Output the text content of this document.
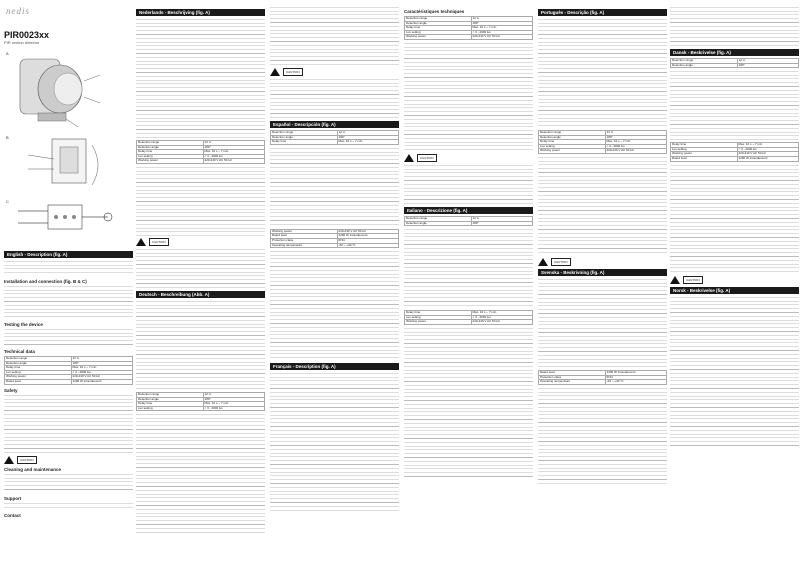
nedis
PIR0023xx
PIR motion detector
A
B
C
English - Description (fig. A)
Installation and connection (fig. B & C)
Testing the device
Technical data
Detection range	12 m
Detection angle	180°
Delay time	Max. 10 s ~ 7 min
Lux setting	< 3 - 2000 lux
Working power	220-240 V AC 50 Hz
Rated load	1200 W incandescent
Safety
CAUTION
Cleaning and maintenance
Support
Contact
Nederlands - Beschrijving (fig. A)
Detection range	12 m
Detection angle	180°
Delay time	Max. 10 s ~ 7 min
Lux setting	< 3 - 2000 lux
Working power	220-240 V AC 50 Hz
CAUTION
Deutsch - Beschreibung (Abb. A)
Detection range	12 m
Detection angle	180°
Delay time	Max. 10 s ~ 7 min
Lux setting	< 3 - 2000 lux
CAUTION
Español - Descripción (fig. A)
Detection range	12 m
Detection angle	180°
Delay time	Max. 10 s ~ 7 min
Working power	220-240 V AC 50 Hz
Rated load	1200 W incandescent
Protection class	IP44
Operating temperature	-20 ~ +40 °C
Français - Description (fig. A)
Caractéristiques techniques
Detection range	12 m
Detection angle	180°
Delay time	Max. 10 s ~ 7 min
Lux setting	< 3 - 2000 lux
Working power	220-240 V AC 50 Hz
CAUTION
Italiano - Descrizione (fig. A)
Detection range	12 m
Detection angle	180°
Delay time	Max. 10 s ~ 7 min
Lux setting	< 3 - 2000 lux
Working power	220-240 V AC 50 Hz
Português - Descrição (fig. A)
Detection range	12 m
Detection angle	180°
Delay time	Max. 10 s ~ 7 min
Lux setting	< 3 - 2000 lux
Working power	220-240 V AC 50 Hz
CAUTION
Svenska - Beskrivning (fig. A)
Rated load	1200 W incandescent
Protection class	IP44
Operating temperature	-20 ~ +40 °C
Dansk - Beskrivelse (fig. A)
Detection range	12 m
Detection angle	180°
Delay time	Max. 10 s ~ 7 min
Lux setting	< 3 - 2000 lux
Working power	220-240 V AC 50 Hz
Rated load	1200 W incandescent
CAUTION
Norsk - Beskrivelse (fig. A)
